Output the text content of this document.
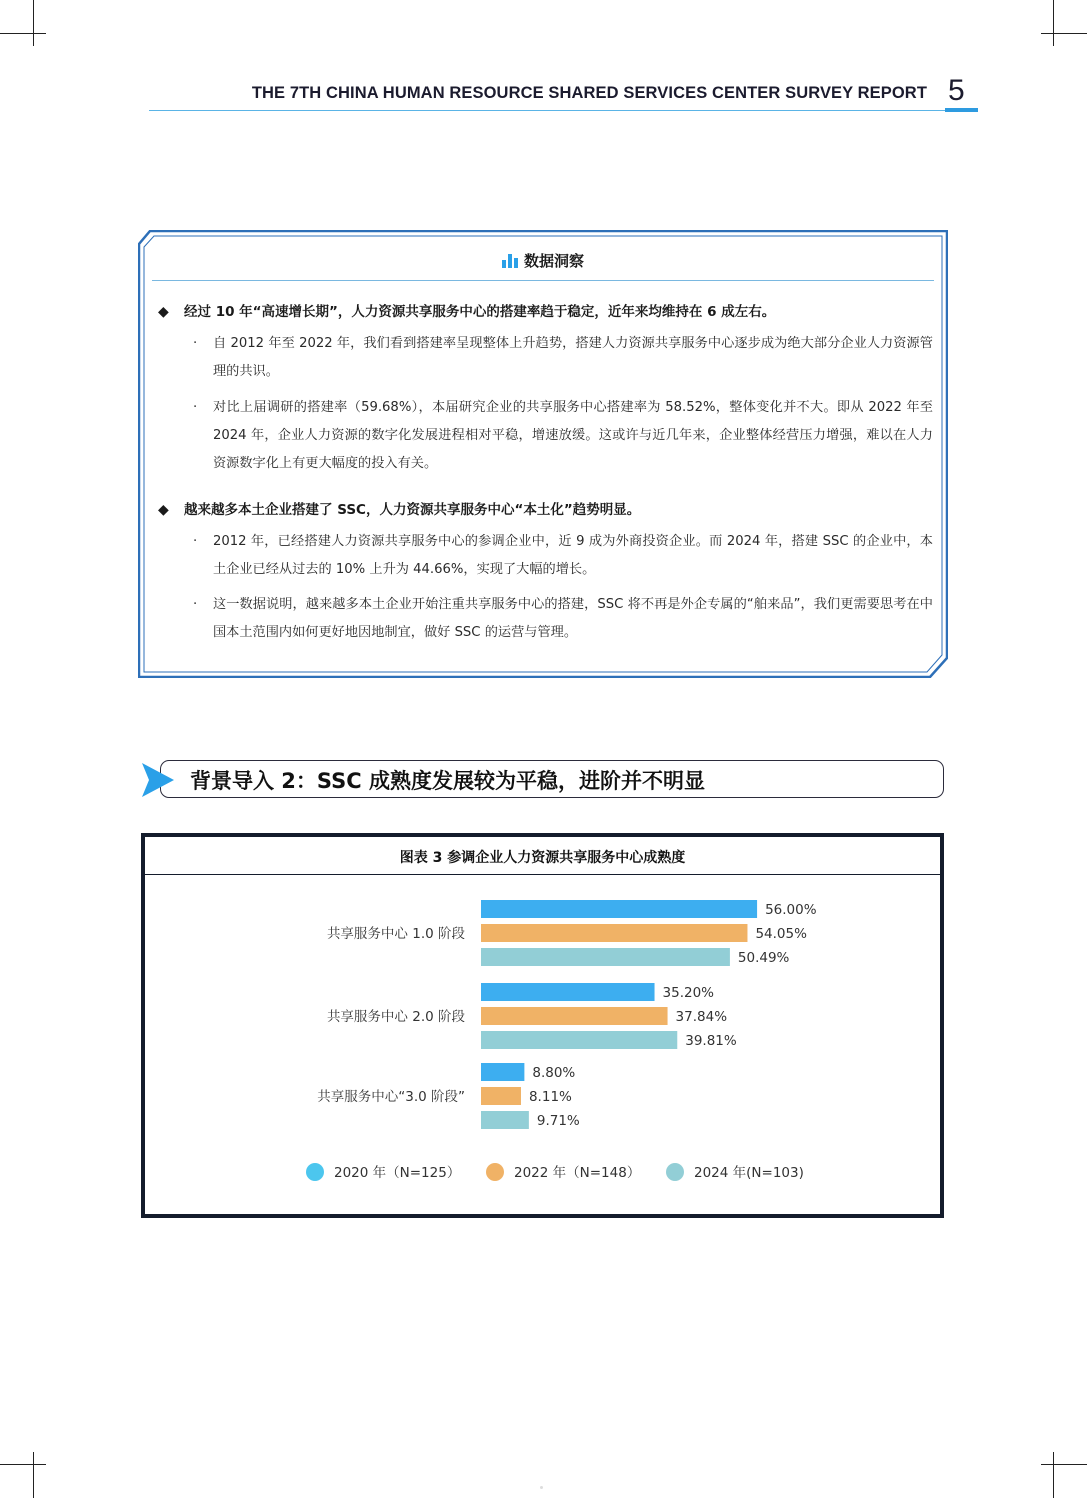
THE 7TH CHINA HUMAN RESOURCE SHARED SERVICES CENTER SURVEY REPORT 5
数据洞察
◆ 经过 10 年“高速增长期”，人力资源共享服务中心的搭建率趋于稳定，近年来均维持在 6 成左右。
·	自 2012 年至 2022 年，我们看到搭建率呈现整体上升趋势，搭建人力资源共享服务中心逐步成为绝大部分企业人力资源管理的共识。
·	对比上届调研的搭建率（59.68%），本届研究企业的共享服务中心搭建率为 58.52%，整体变化并不大。即从 2022 年至 2024 年，企业人力资源的数字化发展进程相对平稳，增速放缓。这或许与近几年来，企业整体经营压力增强，难以在人力资源数字化上有更大幅度的投入有关。
◆ 越来越多本土企业搭建了 SSC，人力资源共享服务中心“本土化”趋势明显。
·	2012 年，已经搭建人力资源共享服务中心的参调企业中，近 9 成为外商投资企业。而 2024 年，搭建 SSC 的企业中，本土企业已经从过去的 10% 上升为 44.66%，实现了大幅的增长。
·	这一数据说明，越来越多本土企业开始注重共享服务中心的搭建，SSC 将不再是外企专属的“舶来品”，我们更需要思考在中国本土范围内如何更好地因地制宜，做好 SSC 的运营与管理。
背景导入 2：SSC 成熟度发展较为平稳，进阶并不明显
图表 3 参调企业人力资源共享服务中心成熟度
共享服务中心 1.0 阶段
56.00%
54.05%
50.49%
共享服务中心 2.0 阶段
35.20%
37.84%
39.81%
共享服务中心“3.0 阶段”
8.80%
8.11%
9.71%
2020 年（N=125）	2022 年（N=148）	2024 年(N=103)
